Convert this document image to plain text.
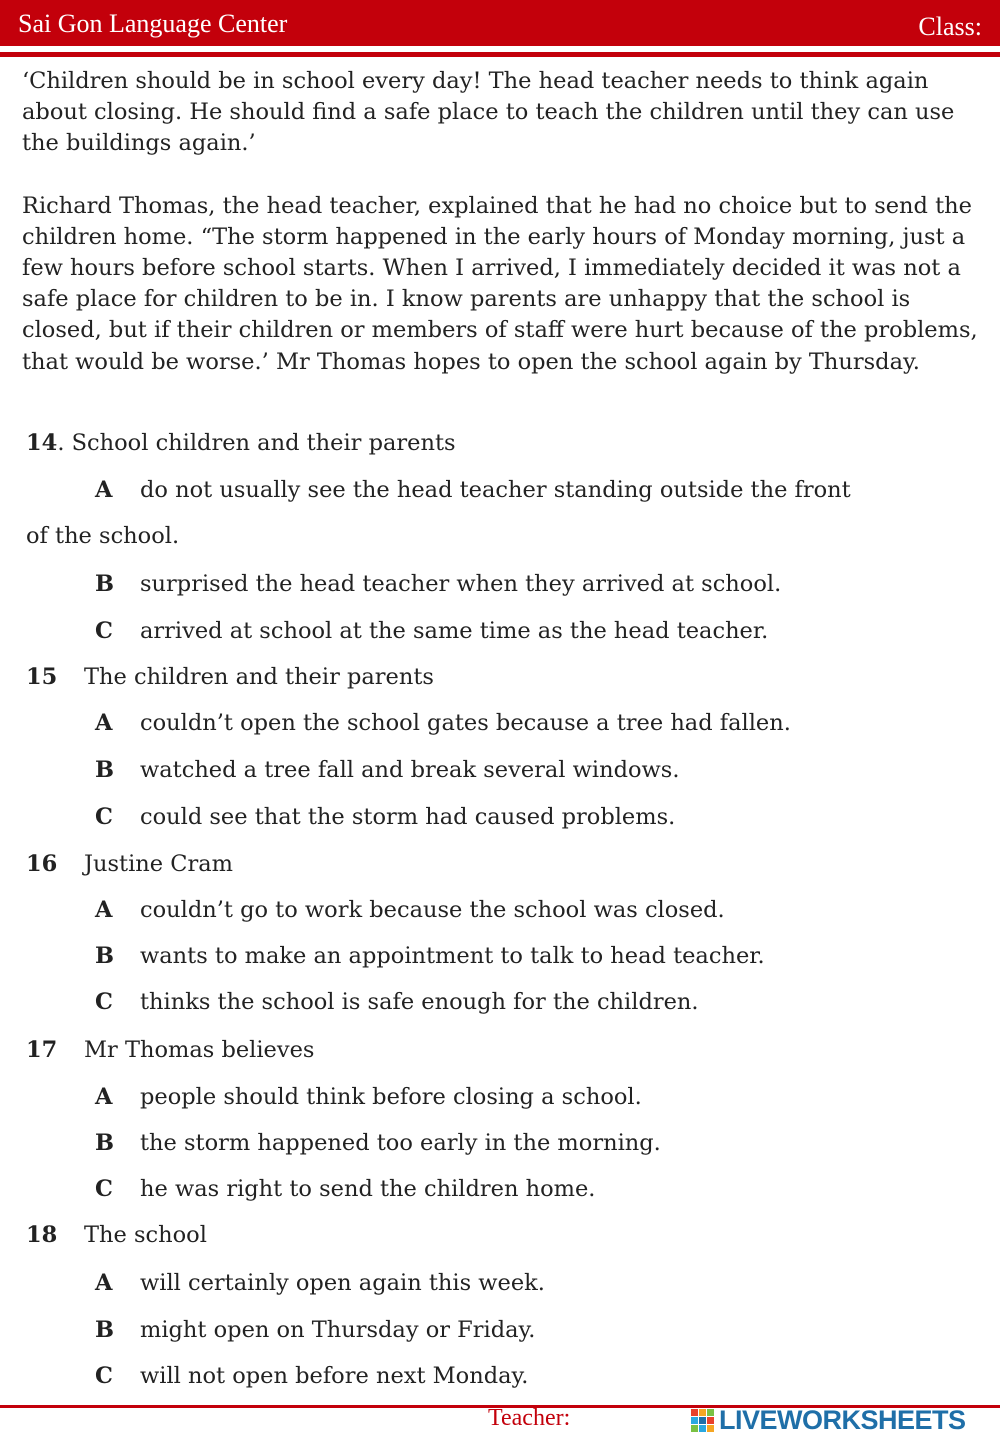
Sai Gon Language Center	Class:

‘Children should be in school every day! The head teacher needs to think again about closing. He should find a safe place to teach the children until they can use the buildings again.’

Richard Thomas, the head teacher, explained that he had no choice but to send the children home. “The storm happened in the early hours of Monday morning, just a few hours before school starts. When I arrived, I immediately decided it was not a safe place for children to be in. I know parents are unhappy that the school is closed, but if their children or members of staff were hurt because of the problems, that would be worse.’ Mr Thomas hopes to open the school again by Thursday.

14. School children and their parents
A do not usually see the head teacher standing outside the front
of the school.
B surprised the head teacher when they arrived at school.
C arrived at school at the same time as the head teacher.
15 The children and their parents
A couldn’t open the school gates because a tree had fallen.
B watched a tree fall and break several windows.
C could see that the storm had caused problems.
16 Justine Cram
A couldn’t go to work because the school was closed.
B wants to make an appointment to talk to head teacher.
C thinks the school is safe enough for the children.
17 Mr Thomas believes
A people should think before closing a school.
B the storm happened too early in the morning.
C he was right to send the children home.
18 The school
A will certainly open again this week.
B might open on Thursday or Friday.
C will not open before next Monday.
Teacher:	LIVEWORKSHEETS
